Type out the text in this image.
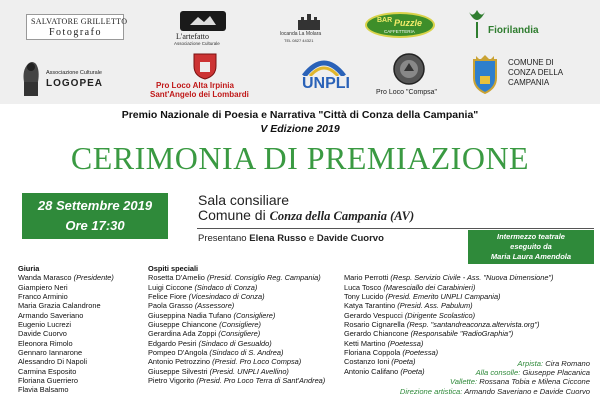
SALVATORE GRILLETTO
Fotografo	L'artefatto
Associazione Culturale
locanda La Molara
TEL 0827 44321
BAR Puzzle
CAFFETTERIA	Fiorilandia
Associazione Culturale
LOGOPEA	Pro Loco Alta Irpinia
Sant'Angelo dei Lombardi
UNPLI
Pro Loco "Compsa"
COMUNE DI
CONZA DELLA
CAMPANIA
Premio Nazionale di Poesia e Narrativa "Città di Conza della Campania"
V Edizione 2019
CERIMONIA DI PREMIAZIONE
28 Settembre 2019
Ore 17:30
Sala consiliare
Comune di Conza della Campania (AV)
Presentano Elena Russo e Davide Cuorvo	Intermezzo teatrale
eseguito da
Maria Laura Amendola
Giuria
Wanda Marasco (Presidente)
Giampiero Neri
Franco Arminio
Maria Grazia Calandrone
Armando Saveriano
Eugenio Lucrezi
Davide Cuorvo
Eleonora Rimolo
Gennaro Iannarone
Alessandro Di Napoli
Carmina Esposito
Floriana Guerriero
Flavia Balsamo
Ospiti speciali
Rosetta D'Amelio (Presid. Consiglio Reg. Campania)
Luigi Ciccone (Sindaco di Conza)
Felice Fiore (Vicesindaco di Conza)
Paola Grasso (Assessore)
Giuseppina Nadia Tufano (Consigliere)
Giuseppe Chiancone (Consigliere)
Gerardina Ada Zoppi (Consigliere)
Edgardo Pesiri (Sindaco di Gesualdo)
Pompeo D'Angola (Sindaco di S. Andrea)
Antonio Petrozzino (Presid. Pro Loco Compsa)
Giuseppe Silvestri (Presid. UNPLI Avellino)
Pietro Vigorito (Presid. Pro Loco Terra di Sant'Andrea)
Mario Perrotti (Resp. Servizio Civile - Ass. "Nuova Dimensione")
Luca Tosco (Maresciallo dei Carabinieri)
Tony Lucido (Presid. Emerito UNPLI Campania)
Katya Tarantino (Presid. Ass. Pabulum)
Gerardo Vespucci (Dirigente Scolastico)
Rosario Cignarella (Resp. "santandreaconza.altervista.org")
Gerardo Chiancone (Responsabile "RadioGraphia")
Ketti Martino (Poetessa)
Floriana Coppola (Poetessa)
Costanzo Ioni (Poeta)
Antonio Califano (Poeta)
Arpista: Cira Romano
Alla consolle: Giuseppe Placanica
Vallette: Rossana Tobia e Milena Ciccone
Direzione artistica: Armando Saveriano e Davide Cuorvo
